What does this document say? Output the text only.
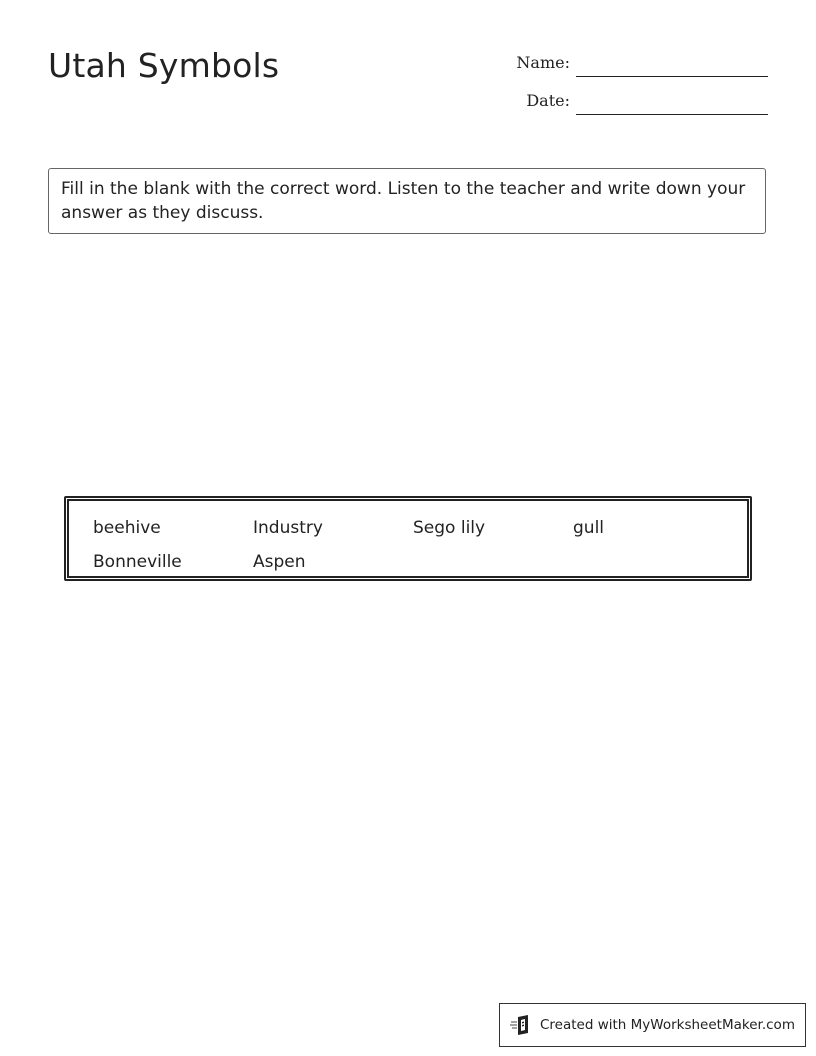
Utah Symbols	Name:
Date:
Fill in the blank with the correct word. Listen to the teacher and write down your answer as they discuss.
beehive	Industry	Sego lily	gull
Bonneville	Aspen
Created with MyWorksheetMaker.com
